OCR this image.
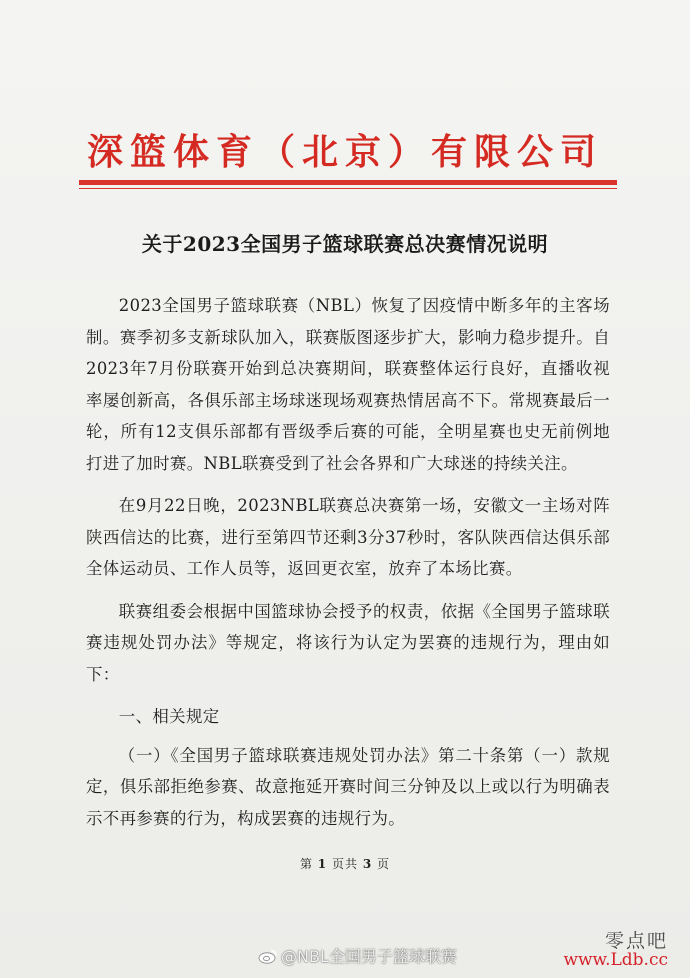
深篮体育（北京）有限公司
关于2023全国男子篮球联赛总决赛情况说明

2023全国男子篮球联赛（NBL）恢复了因疫情中断多年的主客场制。赛季初多支新球队加入，联赛版图逐步扩大，影响力稳步提升。自2023年7月份联赛开始到总决赛期间，联赛整体运行良好，直播收视率屡创新高，各俱乐部主场球迷现场观赛热情居高不下。常规赛最后一轮，所有12支俱乐部都有晋级季后赛的可能，全明星赛也史无前例地打进了加时赛。NBL联赛受到了社会各界和广大球迷的持续关注。

在9月22日晚，2023NBL联赛总决赛第一场，安徽文一主场对阵陕西信达的比赛，进行至第四节还剩3分37秒时，客队陕西信达俱乐部全体运动员、工作人员等，返回更衣室，放弃了本场比赛。

联赛组委会根据中国篮球协会授予的权责，依据《全国男子篮球联赛违规处罚办法》等规定，将该行为认定为罢赛的违规行为，理由如下：

一、相关规定

（一）《全国男子篮球联赛违规处罚办法》第二十条第（一）款规定，俱乐部拒绝参赛、故意拖延开赛时间三分钟及以上或以行为明确表示不再参赛的行为，构成罢赛的违规行为。

第 1 页共 3 页
@NBL全国男子篮球联赛
零点吧
www.Ldb.cc
